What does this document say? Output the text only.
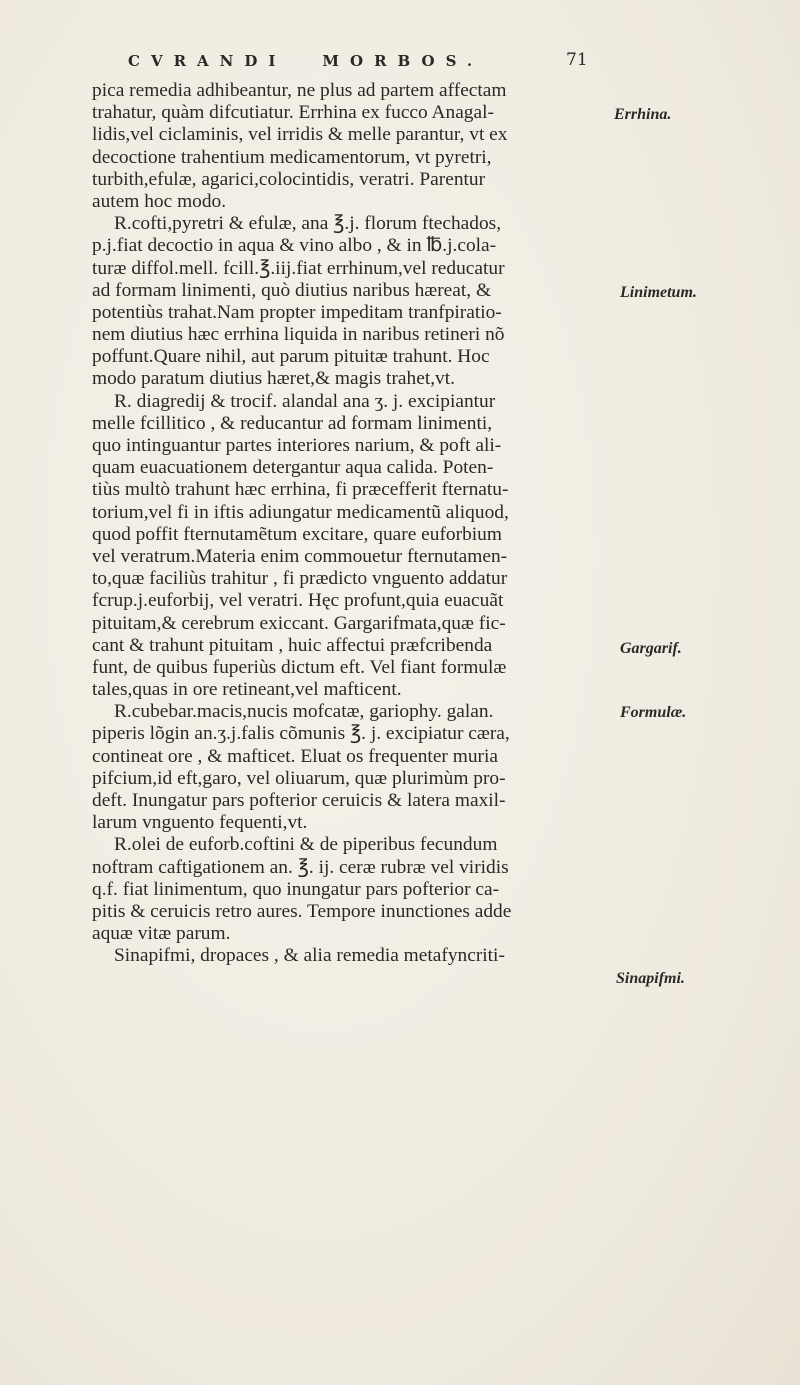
CVRANDI MORBOS.	71
pica remedia adhibeantur, ne plus ad partem affectam
trahatur, quàm difcutiatur. Errhina ex fucco Anagal-
lidis,vel ciclaminis, vel irridis & melle parantur, vt ex
decoctione trahentium medicamentorum, vt pyretri,
turbith,efulæ, agarici,colocintidis, veratri. Parentur
autem hoc modo.
R.cofti,pyretri & efulæ, ana ℥.j. florum ftechados,
p.j.fiat decoctio in aqua & vino albo , & in ℔.j.cola-
turæ diffol.mell. fcill.℥.iij.fiat errhinum,vel reducatur
ad formam linimenti, quò diutius naribus hæreat, &
potentiùs trahat.Nam propter impeditam tranfpiratio-
nem diutius hæc errhina liquida in naribus retineri nõ
poffunt.Quare nihil, aut parum pituitæ trahunt. Hoc
modo paratum diutius hæret,& magis trahet,vt.
R. diagredij & trocif. alandal ana ʒ. j. excipiantur
melle fcillitico , & reducantur ad formam linimenti,
quo intinguantur partes interiores narium, & poft ali-
quam euacuationem detergantur aqua calida. Poten-
tiùs multò trahunt hæc errhina, fi præcefferit fternatu-
torium,vel fi in iftis adiungatur medicamentũ aliquod,
quod poffit fternutamẽtum excitare, quare euforbium
vel veratrum.Materia enim commouetur fternutamen-
to,quæ faciliùs trahitur , fi prædicto vnguento addatur
fcrup.j.euforbij, vel veratri. Hęc profunt,quia euacuãt
pituitam,& cerebrum exiccant. Gargarifmata,quæ fic-
cant & trahunt pituitam , huic affectui præfcribenda
funt, de quibus fuperiùs dictum eft. Vel fiant formulæ
tales,quas in ore retineant,vel mafticent.
R.cubebar.macis,nucis mofcatæ, gariophy. galan.
piperis lõgin an.ʒ.j.falis cõmunis ℥. j. excipiatur cæra,
contineat ore , & mafticet. Eluat os frequenter muria
pifcium,id eft,garo, vel oliuarum, quæ plurimùm pro-
deft. Inungatur pars pofterior ceruicis & latera maxil-
larum vnguento fequenti,vt.
R.olei de euforb.coftini & de piperibus fecundum
noftram caftigationem an. ℥. ij. ceræ rubræ vel viridis
q.f. fiat linimentum, quo inungatur pars pofterior ca-
pitis & ceruicis retro aures. Tempore inunctiones adde
aquæ vitæ parum.
Sinapifmi, dropaces , & alia remedia metafyncriti-
Errhina.
Linimetum.
Gargarif.
Formulæ.
Sinapifmi.
